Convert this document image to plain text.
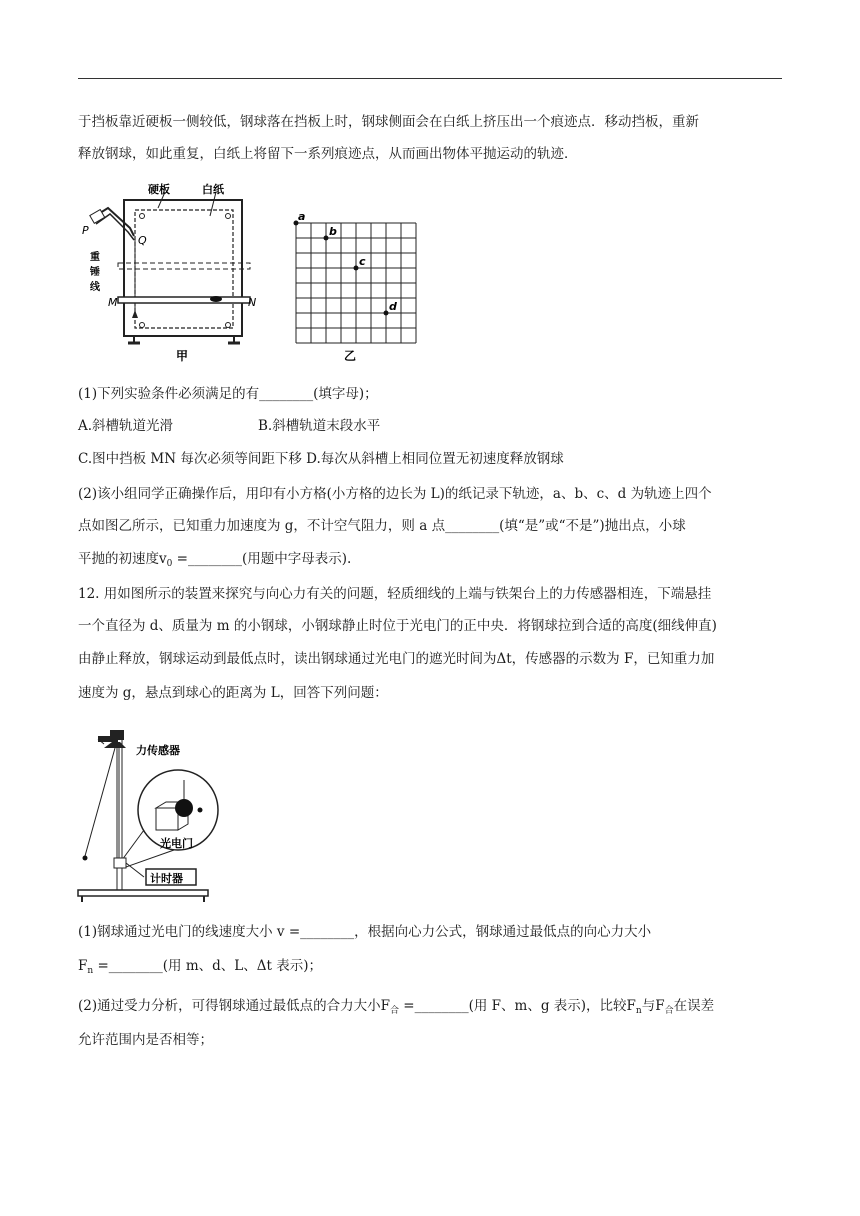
于挡板靠近硬板一侧较低，钢球落在挡板上时，钢球侧面会在白纸上挤压出一个痕迹点．移动挡板，重新
释放钢球，如此重复，白纸上将留下一系列痕迹点，从而画出物体平抛运动的轨迹．
硬板	白纸
P
Q
重
锤
线
M	N
甲
a
b
c
d
乙
(1)下列实验条件必须满足的有________(填字母)；
A.斜槽轨道光滑	B.斜槽轨道末段水平
C.图中挡板 MN 每次必须等间距下移 D.每次从斜槽上相同位置无初速度释放钢球
(2)该小组同学正确操作后，用印有小方格(小方格的边长为 L)的纸记录下轨迹，a、b、c、d 为轨迹上四个
点如图乙所示，已知重力加速度为 g，不计空气阻力，则 a 点________(填“是”或“不是”)抛出点，小球
平抛的初速度$v_0$ =________(用题中字母表示).
12. 用如图所示的装置来探究与向心力有关的问题，轻质细线的上端与铁架台上的力传感器相连，下端悬挂
一个直径为 d、质量为 m 的小钢球，小钢球静止时位于光电门的正中央．将钢球拉到合适的高度(细线伸直)
由静止释放，钢球运动到最低点时，读出钢球通过光电门的遮光时间为Δt，传感器的示数为 F，已知重力加
速度为 g，悬点到球心的距离为 L，回答下列问题：
力传感器
光电门
计时器
(1)钢球通过光电门的线速度大小 v =________，根据向心力公式，钢球通过最低点的向心力大小
$F_n$ =________(用 m、d、L、Δt 表示)；
(2)通过受力分析，可得钢球通过最低点的合力大小$F_合$ =________(用 F、m、g 表示)，比较$F_n$与$F_合$在误差
允许范围内是否相等；
